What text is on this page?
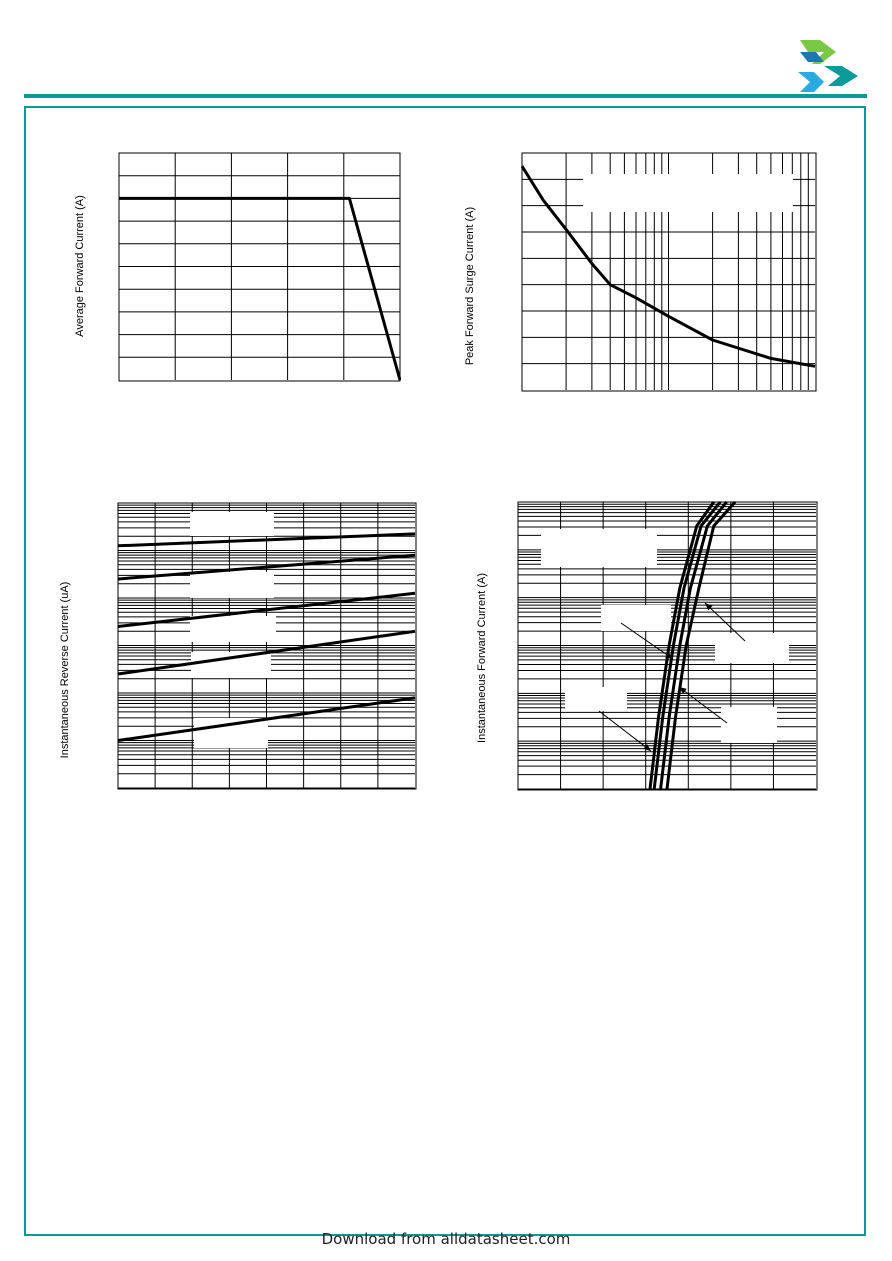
Average Forward Current (A)	Peak Forward Surge Current (A)
Instantaneous Reverse Current (uA)	Instantaneous Forward Current (A)
Download from alldatasheet.com
